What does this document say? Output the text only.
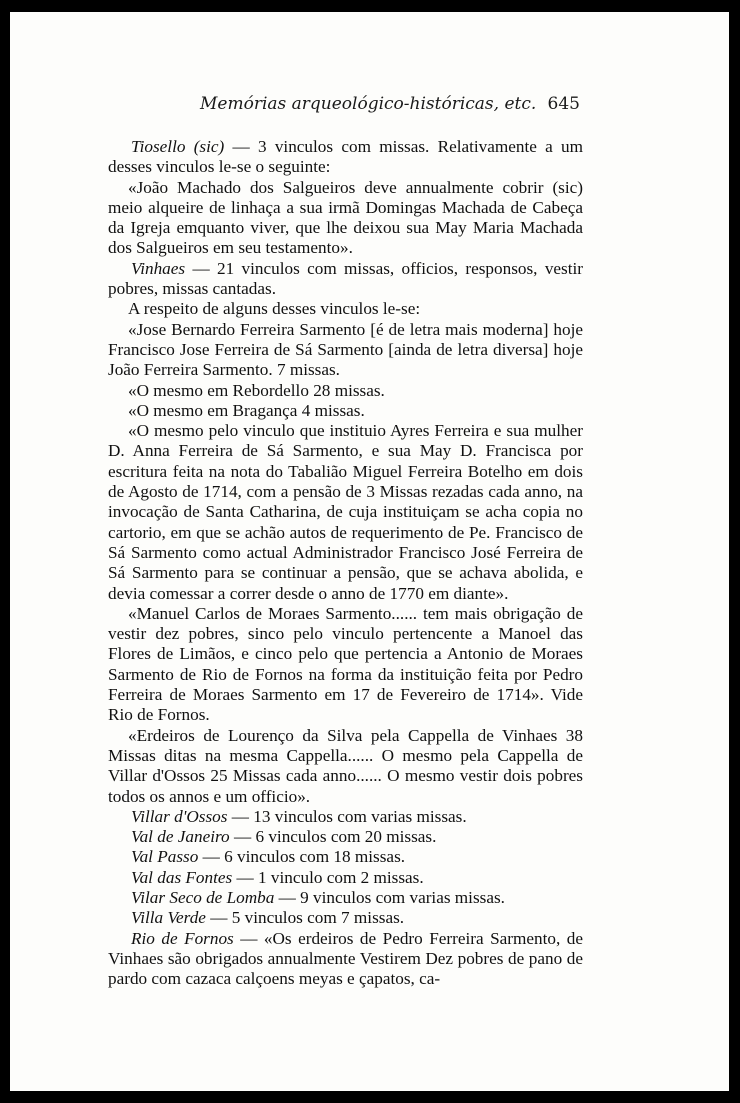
Memórias arqueológico-históricas, etc. 645

Tiosello (sic) — 3 vinculos com missas. Relativamente a um desses vinculos le-se o seguinte:

«João Machado dos Salgueiros deve annualmente cobrir (sic) meio alqueire de linhaça a sua irmã Domingas Machada de Cabeça da Igreja emquanto viver, que lhe deixou sua May Maria Machada dos Salgueiros em seu testamento».

Vinhaes — 21 vinculos com missas, officios, responsos, vestir pobres, missas cantadas.

A respeito de alguns desses vinculos le-se:

«Jose Bernardo Ferreira Sarmento [é de letra mais moderna] hoje Francisco Jose Ferreira de Sá Sarmento [ainda de letra diversa] hoje João Ferreira Sarmento. 7 missas.

«O mesmo em Rebordello 28 missas.

«O mesmo em Bragança 4 missas.

«O mesmo pelo vinculo que instituio Ayres Ferreira e sua mulher D. Anna Ferreira de Sá Sarmento, e sua May D. Francisca por escritura feita na nota do Tabalião Miguel Ferreira Botelho em dois de Agosto de 1714, com a pensão de 3 Missas rezadas cada anno, na invocação de Santa Catharina, de cuja instituiçam se acha copia no cartorio, em que se achão autos de requerimento de Pe. Francisco de Sá Sarmento como actual Administrador Francisco José Ferreira de Sá Sarmento para se continuar a pensão, que se achava abolida, e devia comessar a correr desde o anno de 1770 em diante».

«Manuel Carlos de Moraes Sarmento...... tem mais obrigação de vestir dez pobres, sinco pelo vinculo pertencente a Manoel das Flores de Limãos, e cinco pelo que pertencia a Antonio de Moraes Sarmento de Rio de Fornos na forma da instituição feita por Pedro Ferreira de Moraes Sarmento em 17 de Fevereiro de 1714». Vide Rio de Fornos.

«Erdeiros de Lourenço da Silva pela Cappella de Vinhaes 38 Missas ditas na mesma Cappella...... O mesmo pela Cappella de Villar d'Ossos 25 Missas cada anno...... O mesmo vestir dois pobres todos os annos e um officio».

Villar d'Ossos — 13 vinculos com varias missas.

Val de Janeiro — 6 vinculos com 20 missas.

Val Passo — 6 vinculos com 18 missas.

Val das Fontes — 1 vinculo com 2 missas.

Vilar Seco de Lomba — 9 vinculos com varias missas.

Villa Verde — 5 vinculos com 7 missas.

Rio de Fornos — «Os erdeiros de Pedro Ferreira Sarmento, de Vinhaes são obrigados annualmente Vestirem Dez pobres de pano de pardo com cazaca calçoens meyas e çapatos, ca-
